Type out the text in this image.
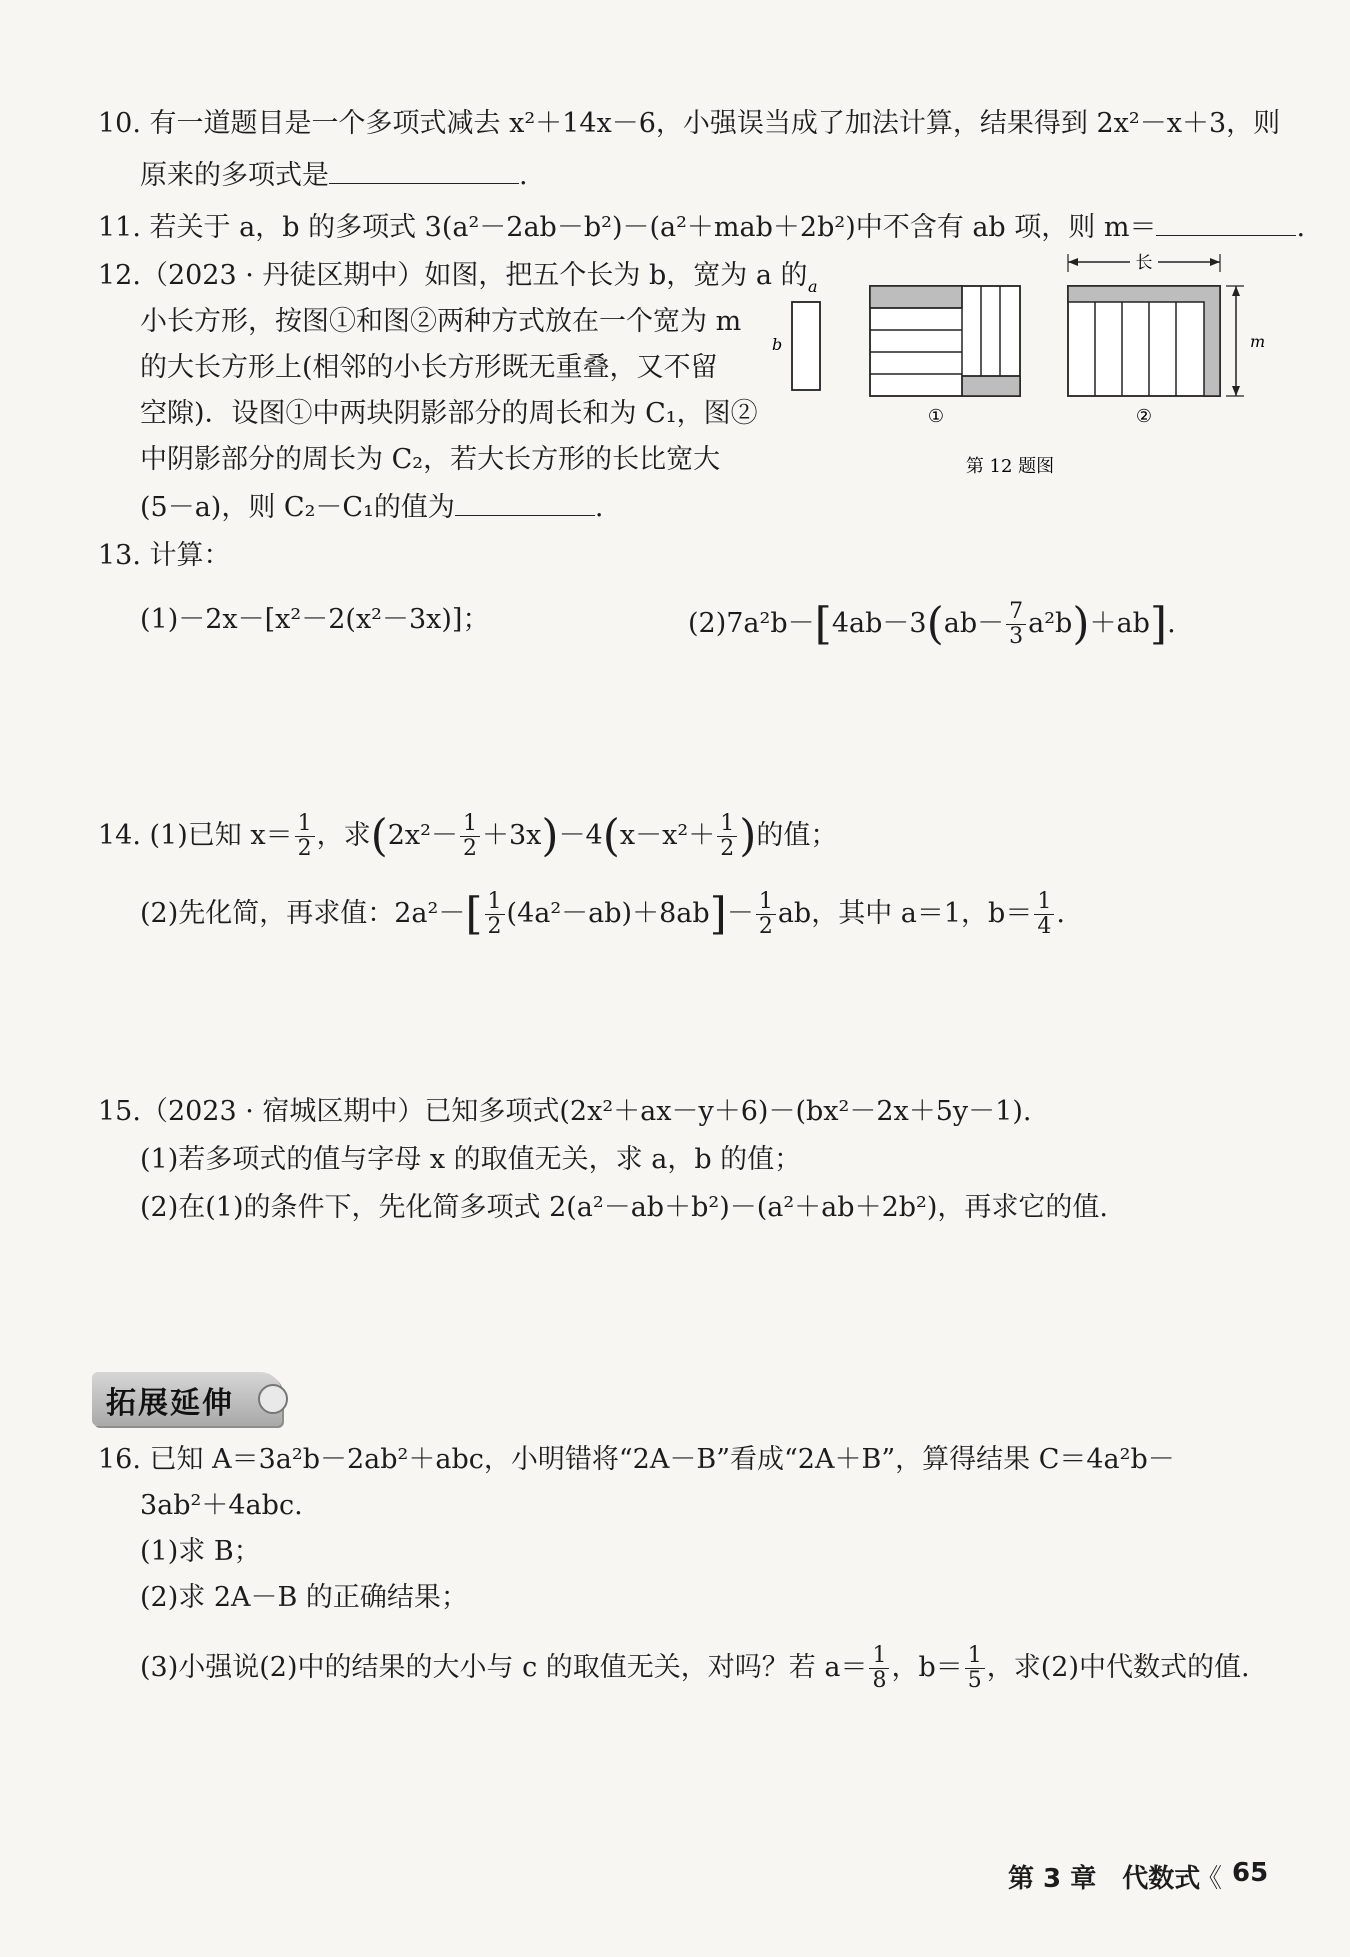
10. 有一道题目是一个多项式减去 x²＋14x－6，小强误当成了加法计算，结果得到 2x²－x＋3，则
原来的多项式是	.
11. 若关于 a，b 的多项式 3(a²－2ab－b²)－(a²＋mab＋2b²)中不含有 ab 项，则 m＝	.
12.（2023 · 丹徒区期中）如图，把五个长为 b，宽为 a 的
小长方形，按图①和图②两种方式放在一个宽为 m
的大长方形上(相邻的小长方形既无重叠，又不留
空隙)．设图①中两块阴影部分的周长和为 C₁，图②
中阴影部分的周长为 C₂，若大长方形的长比宽大
(5－a)，则 C₂－C₁的值为	.
a
b
①
长
m
②
第 12 题图
13. 计算：
(1)－2x－[x²－2(x²－3x)]；	$(2)7a^2b-[4ab-3(ab- \frac{7}{3} a^2b)+ab]$.
14. (1)已知 $x= \frac{1}{2}$ ，求$(2x^2- \frac{1}{2} +3x)-4(x-x^2+ \frac{1}{2}$ )的值；
(2)先化简，再求值：$2a^2-[ \frac{1}{2} (4a^2-ab)+8ab]- \frac{1}{2}$ ab，其中 a＝1，$b= \frac{1}{4}$ .
15.（2023 · 宿城区期中）已知多项式(2x²＋ax－y＋6)－(bx²－2x＋5y－1).
(1)若多项式的值与字母 x 的取值无关，求 a，b 的值；
(2)在(1)的条件下，先化简多项式 2(a²－ab＋b²)－(a²＋ab＋2b²)，再求它的值.
拓展延伸
16. 已知 A＝3a²b－2ab²＋abc，小明错将“2A－B”看成“2A＋B”，算得结果 C＝4a²b－
3ab²＋4abc.
(1)求 B；
(2)求 2A－B 的正确结果；
(3)小强说(2)中的结果的大小与 c 的取值无关，对吗？若 $a= \frac{1}{8}$ ，$b= \frac{1}{5}$ ，求(2)中代数式的值.
第 3 章　代数式
《 65
